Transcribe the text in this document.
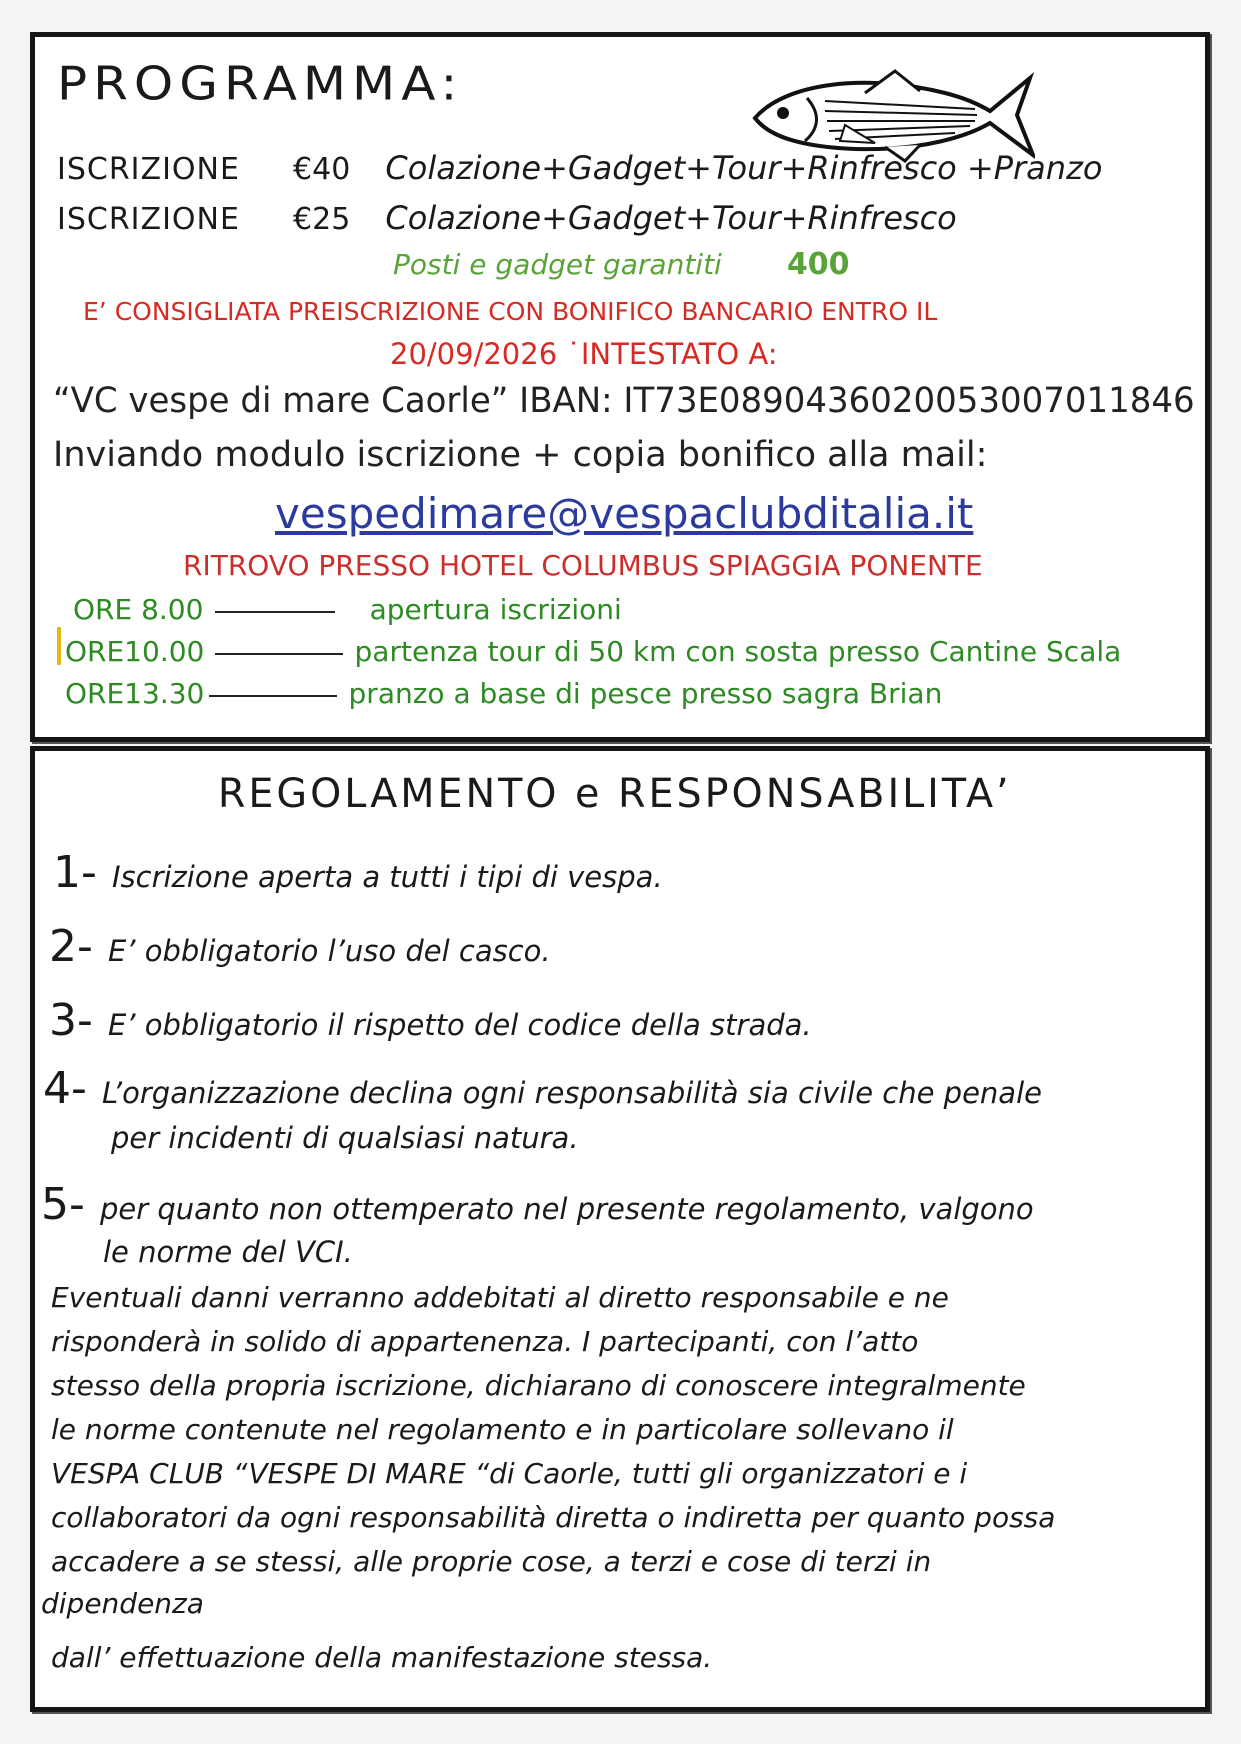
PROGRAMMA:
ISCRIZIONE €40 Colazione+Gadget+Tour+Rinfresco +Pranzo
ISCRIZIONE €25 Colazione+Gadget+Tour+Rinfresco
Posti e gadget garantiti 400
E’ CONSIGLIATA PREISCRIZIONE CON BONIFICO BANCARIO ENTRO IL
20/09/2026 ˙INTESTATO A:
“VC vespe di mare Caorle” IBAN: IT73E0890436020053007011846
Inviando modulo iscrizione + copia bonifico alla mail:
vespedimare@vespaclubditalia.it
RITROVO PRESSO HOTEL COLUMBUS SPIAGGIA PONENTE
ORE 8.00	apertura iscrizioni
ORE10.00	partenza tour di 50 km con sosta presso Cantine Scala
ORE13.30	pranzo a base di pesce presso sagra Brian
REGOLAMENTO e RESPONSABILITA’
1- Iscrizione aperta a tutti i tipi di vespa.
2- E’ obbligatorio l’uso del casco.
3- E’ obbligatorio il rispetto del codice della strada.
4- L’organizzazione declina ogni responsabilità sia civile che penale
per incidenti di qualsiasi natura.
5- per quanto non ottemperato nel presente regolamento, valgono
le norme del VCI.
Eventuali danni verranno addebitati al diretto responsabile e ne
risponderà in solido di appartenenza. I partecipanti, con l’atto
stesso della propria iscrizione, dichiarano di conoscere integralmente
le norme contenute nel regolamento e in particolare sollevano il
VESPA CLUB “VESPE DI MARE “di Caorle, tutti gli organizzatori e i
collaboratori da ogni responsabilità diretta o indiretta per quanto possa
accadere a se stessi, alle proprie cose, a terzi e cose di terzi in
dipendenza
dall’ effettuazione della manifestazione stessa.
